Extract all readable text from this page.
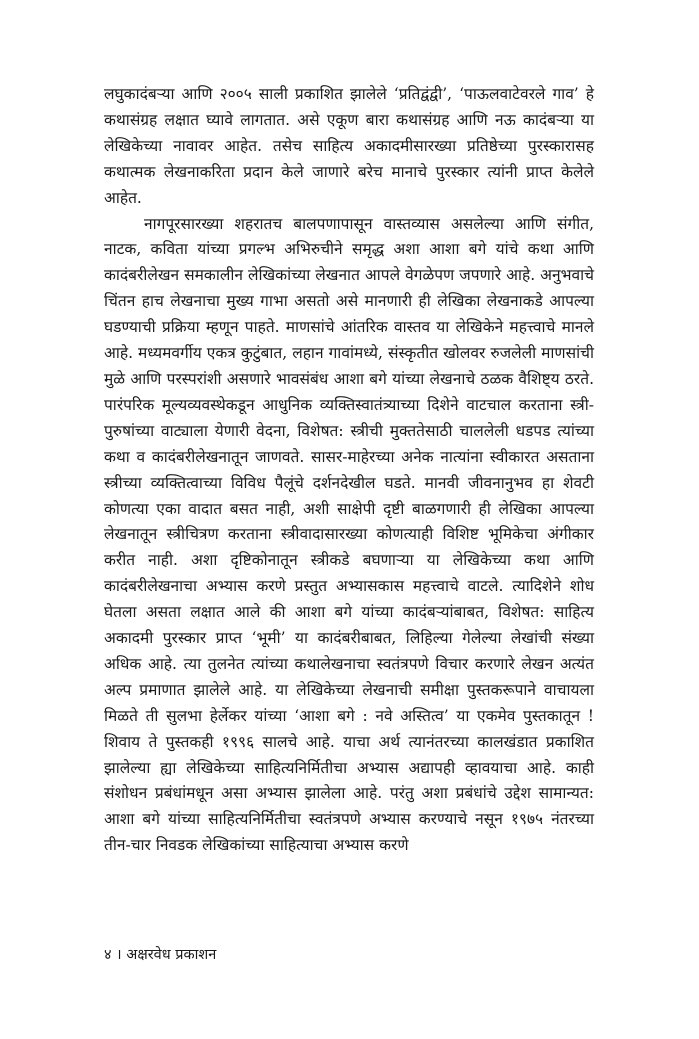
लघुकादंबऱ्या आणि २००५ साली प्रकाशित झालेले ‘प्रतिद्वंद्वी’, ‘पाऊलवाटेवरले गाव’ हे कथासंग्रह लक्षात घ्यावे लागतात. असे एकूण बारा कथासंग्रह आणि नऊ कादंबऱ्या या लेखिकेच्या नावावर आहेत. तसेच साहित्य अकादमीसारख्या प्रतिष्ठेच्या पुरस्कारासह कथात्मक लेखनाकरिता प्रदान केले जाणारे बरेच मानाचे पुरस्कार त्यांनी प्राप्त केलेले आहेत.

नागपूरसारख्या शहरातच बालपणापासून वास्तव्यास असलेल्या आणि संगीत, नाटक, कविता यांच्या प्रगल्भ अभिरुचीने समृद्ध अशा आशा बगे यांचे कथा आणि कादंबरीलेखन समकालीन लेखिकांच्या लेखनात आपले वेगळेपण जपणारे आहे. अनुभवाचे चिंतन हाच लेखनाचा मुख्य गाभा असतो असे मानणारी ही लेखिका लेखनाकडे आपल्या घडण्याची प्रक्रिया म्हणून पाहते. माणसांचे आंतरिक वास्तव या लेखिकेने महत्त्वाचे मानले आहे. मध्यमवर्गीय एकत्र कुटुंबात, लहान गावांमध्ये, संस्कृतीत खोलवर रुजलेली माणसांची मुळे आणि परस्परांशी असणारे भावसंबंध आशा बगे यांच्या लेखनाचे ठळक वैशिष्ट्य ठरते. पारंपरिक मूल्यव्यवस्थेकडून आधुनिक व्यक्तिस्वातंत्र्याच्या दिशेने वाटचाल करताना स्त्री-पुरुषांच्या वाट्याला येणारी वेदना, विशेषत: स्त्रीची मुक्ततेसाठी चाललेली धडपड त्यांच्या कथा व कादंबरीलेखनातून जाणवते. सासर-माहेरच्या अनेक नात्यांना स्वीकारत असताना स्त्रीच्या व्यक्तित्वाच्या विविध पैलूंचे दर्शनदेखील घडते. मानवी जीवनानुभव हा शेवटी कोणत्या एका वादात बसत नाही, अशी साक्षेपी दृष्टी बाळगणारी ही लेखिका आपल्या लेखनातून स्त्रीचित्रण करताना स्त्रीवादासारख्या कोणत्याही विशिष्ट भूमिकेचा अंगीकार करीत नाही. अशा दृष्टिकोनातून स्त्रीकडे बघणाऱ्या या लेखिकेच्या कथा आणि कादंबरीलेखनाचा अभ्यास करणे प्रस्तुत अभ्यासकास महत्त्वाचे वाटले. त्यादिशेने शोध घेतला असता लक्षात आले की आशा बगे यांच्या कादंबऱ्यांबाबत, विशेषत: साहित्य अकादमी पुरस्कार प्राप्त ‘भूमी’ या कादंबरीबाबत, लिहिल्या गेलेल्या लेखांची संख्या अधिक आहे. त्या तुलनेत त्यांच्या कथालेखनाचा स्वतंत्रपणे विचार करणारे लेखन अत्यंत अल्प प्रमाणात झालेले आहे. या लेखिकेच्या लेखनाची समीक्षा पुस्तकरूपाने वाचायला मिळते ती सुलभा हेर्लेकर यांच्या ‘आशा बगे : नवे अस्तित्व’ या एकमेव पुस्तकातून ! शिवाय ते पुस्तकही १९९६ सालचे आहे. याचा अर्थ त्यानंतरच्या कालखंडात प्रकाशित झालेल्या ह्या लेखिकेच्या साहित्यनिर्मितीचा अभ्यास अद्यापही व्हावयाचा आहे. काही संशोधन प्रबंधांमधून असा अभ्यास झालेला आहे. परंतु अशा प्रबंधांचे उद्देश सामान्यत: आशा बगे यांच्या साहित्यनिर्मितीचा स्वतंत्रपणे अभ्यास करण्याचे नसून १९७५ नंतरच्या तीन-चार निवडक लेखिकांच्या साहित्याचा अभ्यास करणे

४ । अक्षरवेध प्रकाशन
